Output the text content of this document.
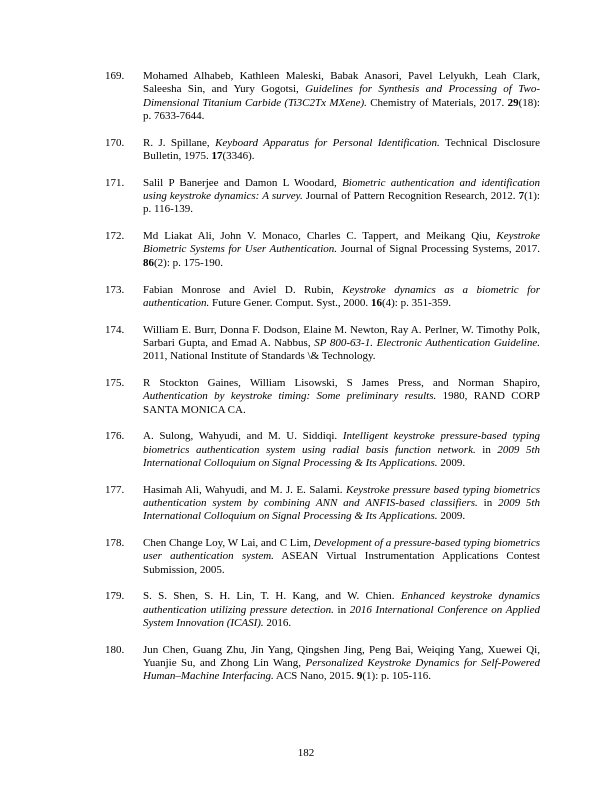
169. Mohamed Alhabeb, Kathleen Maleski, Babak Anasori, Pavel Lelyukh, Leah Clark, Saleesha Sin, and Yury Gogotsi, Guidelines for Synthesis and Processing of Two-Dimensional Titanium Carbide (Ti3C2Tx MXene). Chemistry of Materials, 2017. 29(18): p. 7633-7644.
170. R. J. Spillane, Keyboard Apparatus for Personal Identification. Technical Disclosure Bulletin, 1975. 17(3346).
171. Salil P Banerjee and Damon L Woodard, Biometric authentication and identification using keystroke dynamics: A survey. Journal of Pattern Recognition Research, 2012. 7(1): p. 116-139.
172. Md Liakat Ali, John V. Monaco, Charles C. Tappert, and Meikang Qiu, Keystroke Biometric Systems for User Authentication. Journal of Signal Processing Systems, 2017. 86(2): p. 175-190.
173. Fabian Monrose and Aviel D. Rubin, Keystroke dynamics as a biometric for authentication. Future Gener. Comput. Syst., 2000. 16(4): p. 351-359.
174. William E. Burr, Donna F. Dodson, Elaine M. Newton, Ray A. Perlner, W. Timothy Polk, Sarbari Gupta, and Emad A. Nabbus, SP 800-63-1. Electronic Authentication Guideline. 2011, National Institute of Standards \& Technology.
175. R Stockton Gaines, William Lisowski, S James Press, and Norman Shapiro, Authentication by keystroke timing: Some preliminary results. 1980, RAND CORP SANTA MONICA CA.
176. A. Sulong, Wahyudi, and M. U. Siddiqi. Intelligent keystroke pressure-based typing biometrics authentication system using radial basis function network. in 2009 5th International Colloquium on Signal Processing & Its Applications. 2009.
177. Hasimah Ali, Wahyudi, and M. J. E. Salami. Keystroke pressure based typing biometrics authentication system by combining ANN and ANFIS-based classifiers. in 2009 5th International Colloquium on Signal Processing & Its Applications. 2009.
178. Chen Change Loy, W Lai, and C Lim, Development of a pressure-based typing biometrics user authentication system. ASEAN Virtual Instrumentation Applications Contest Submission, 2005.
179. S. S. Shen, S. H. Lin, T. H. Kang, and W. Chien. Enhanced keystroke dynamics authentication utilizing pressure detection. in 2016 International Conference on Applied System Innovation (ICASI). 2016.
180. Jun Chen, Guang Zhu, Jin Yang, Qingshen Jing, Peng Bai, Weiqing Yang, Xuewei Qi, Yuanjie Su, and Zhong Lin Wang, Personalized Keystroke Dynamics for Self-Powered Human–Machine Interfacing. ACS Nano, 2015. 9(1): p. 105-116.
182
